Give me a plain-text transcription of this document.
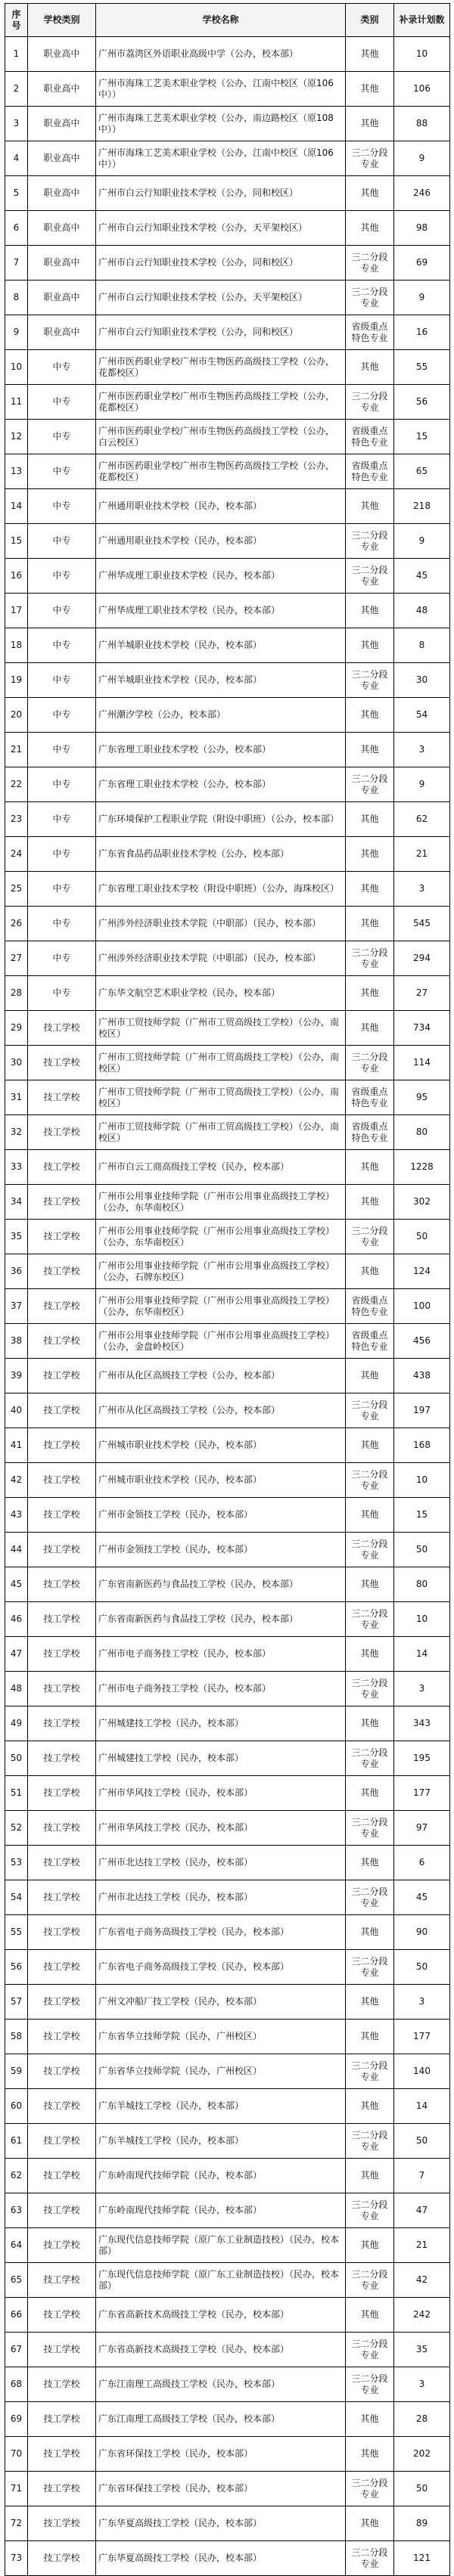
序号	学校类别	学校名称	类别	补录计划数
1	职业高中	广州市荔湾区外语职业高级中学（公办，校本部）	其他	10
2	职业高中	广州市海珠工艺美术职业学校（公办，江南中校区（原106中））	其他	106
3	职业高中	广州市海珠工艺美术职业学校（公办，南边路校区（原108中））	其他	88
4	职业高中	广州市海珠工艺美术职业学校（公办，江南中校区（原106中））	三二分段专业	9
5	职业高中	广州市白云行知职业技术学校（公办，同和校区）	其他	246
6	职业高中	广州市白云行知职业技术学校（公办，天平架校区）	其他	98
7	职业高中	广州市白云行知职业技术学校（公办，同和校区）	三二分段专业	69
8	职业高中	广州市白云行知职业技术学校（公办，天平架校区）	三二分段专业	9
9	职业高中	广州市白云行知职业技术学校（公办，同和校区）	省级重点特色专业	16
10	中专	广州市医药职业学校广州市生物医药高级技工学校（公办，花都校区）	其他	55
11	中专	广州市医药职业学校广州市生物医药高级技工学校（公办，花都校区）	三二分段专业	56
12	中专	广州市医药职业学校广州市生物医药高级技工学校（公办，白云校区）	省级重点特色专业	15
13	中专	广州市医药职业学校广州市生物医药高级技工学校（公办，花都校区）	省级重点特色专业	65
14	中专	广州通用职业技术学校（民办，校本部）	其他	218
15	中专	广州通用职业技术学校（民办，校本部）	三二分段专业	9
16	中专	广州华成理工职业技术学校（民办，校本部）	三二分段专业	45
17	中专	广州华成理工职业技术学校（民办，校本部）	其他	48
18	中专	广州羊城职业技术学校（民办，校本部）	其他	8
19	中专	广州羊城职业技术学校（民办，校本部）	三二分段专业	30
20	中专	广州潮汐学校（公办，校本部）	其他	54
21	中专	广东省理工职业技术学校（公办，校本部）	其他	3
22	中专	广东省理工职业技术学校（公办，校本部）	三二分段专业	9
23	中专	广东环境保护工程职业学院（附设中职班）（公办，校本部）	其他	62
24	中专	广东省食品药品职业技术学校（公办，校本部）	其他	21
25	中专	广东省理工职业技术学校（附设中职班）（公办，海珠校区）	其他	3
26	中专	广州涉外经济职业技术学院（中职部）（民办，校本部）	其他	545
27	中专	广州涉外经济职业技术学院（中职部）（民办，校本部）	三二分段专业	294
28	中专	广东华文航空艺术职业学校（民办，校本部）	其他	27
29	技工学校	广州市工贸技师学院（广州市工贸高级技工学校）（公办，南校区）	其他	734
30	技工学校	广州市工贸技师学院（广州市工贸高级技工学校）（公办，南校区）	三二分段专业	114
31	技工学校	广州市工贸技师学院（广州市工贸高级技工学校）（公办，南校区）	省级重点特色专业	95
32	技工学校	广州市工贸技师学院（广州市工贸高级技工学校）（公办，南校区）	省级重点特色专业	80
33	技工学校	广州市白云工商高级技工学校（民办，校本部）	其他	1228
34	技工学校	广州市公用事业技师学院（广州市公用事业高级技工学校）（公办，东华南校区）	其他	302
35	技工学校	广州市公用事业技师学院（广州市公用事业高级技工学校）（公办，东华南校区）	三二分段专业	50
36	技工学校	广州市公用事业技师学院（广州市公用事业高级技工学校）（公办，石牌东校区）	其他	124
37	技工学校	广州市公用事业技师学院（广州市公用事业高级技工学校）（公办，东华南校区）	省级重点特色专业	100
38	技工学校	广州市公用事业技师学院（广州市公用事业高级技工学校）（公办，金盘岭校区）	省级重点特色专业	456
39	技工学校	广州市从化区高级技工学校（公办，校本部）	其他	438
40	技工学校	广州市从化区高级技工学校（公办，校本部）	三二分段专业	197
41	技工学校	广州城市职业技术学校（民办，校本部）	其他	168
42	技工学校	广州城市职业技术学校（民办，校本部）	三二分段专业	10
43	技工学校	广州市金领技工学校（民办，校本部）	其他	15
44	技工学校	广州市金领技工学校（民办，校本部）	三二分段专业	50
45	技工学校	广东省南新医药与食品技工学校（民办，校本部）	其他	80
46	技工学校	广东省南新医药与食品技工学校（民办，校本部）	三二分段专业	10
47	技工学校	广州市电子商务技工学校（民办，校本部）	其他	14
48	技工学校	广州市电子商务技工学校（民办，校本部）	三二分段专业	3
49	技工学校	广州城建技工学校（民办，校本部）	其他	343
50	技工学校	广州城建技工学校（民办，校本部）	三二分段专业	195
51	技工学校	广州市华风技工学校（民办，校本部）	其他	177
52	技工学校	广州市华风技工学校（民办，校本部）	三二分段专业	97
53	技工学校	广州市北达技工学校（民办，校本部）	其他	6
54	技工学校	广州市北达技工学校（民办，校本部）	三二分段专业	45
55	技工学校	广东省电子商务高级技工学校（民办，校本部）	其他	90
56	技工学校	广东省电子商务高级技工学校（民办，校本部）	三二分段专业	50
57	技工学校	广州文冲船厂技工学校（民办，校本部）	其他	3
58	技工学校	广东省华立技师学院（民办，广州校区）	其他	177
59	技工学校	广东省华立技师学院（民办，广州校区）	三二分段专业	140
60	技工学校	广东羊城技工学校（民办，校本部）	其他	14
61	技工学校	广东羊城技工学校（民办，校本部）	三二分段专业	50
62	技工学校	广东岭南现代技师学院（民办，校本部）	其他	7
63	技工学校	广东岭南现代技师学院（民办，校本部）	三二分段专业	47
64	技工学校	广东现代信息技师学院（原广东工业制造技校）（民办，校本部）	其他	21
65	技工学校	广东现代信息技师学院（原广东工业制造技校）（民办，校本部）	三二分段专业	42
66	技工学校	广东省高新技术高级技工学校（民办，校本部）	其他	242
67	技工学校	广东省高新技术高级技工学校（民办，校本部）	三二分段专业	35
68	技工学校	广东江南理工高级技工学校（民办，校本部）	三二分段专业	3
69	技工学校	广东江南理工高级技工学校（民办，校本部）	其他	28
70	技工学校	广东省环保技工学校（民办，校本部）	其他	202
71	技工学校	广东省环保技工学校（民办，校本部）	三二分段专业	50
72	技工学校	广东华夏高级技工学校（民办，校本部）	其他	89
73	技工学校	广东华夏高级技工学校（民办，校本部）	三二分段专业	121
